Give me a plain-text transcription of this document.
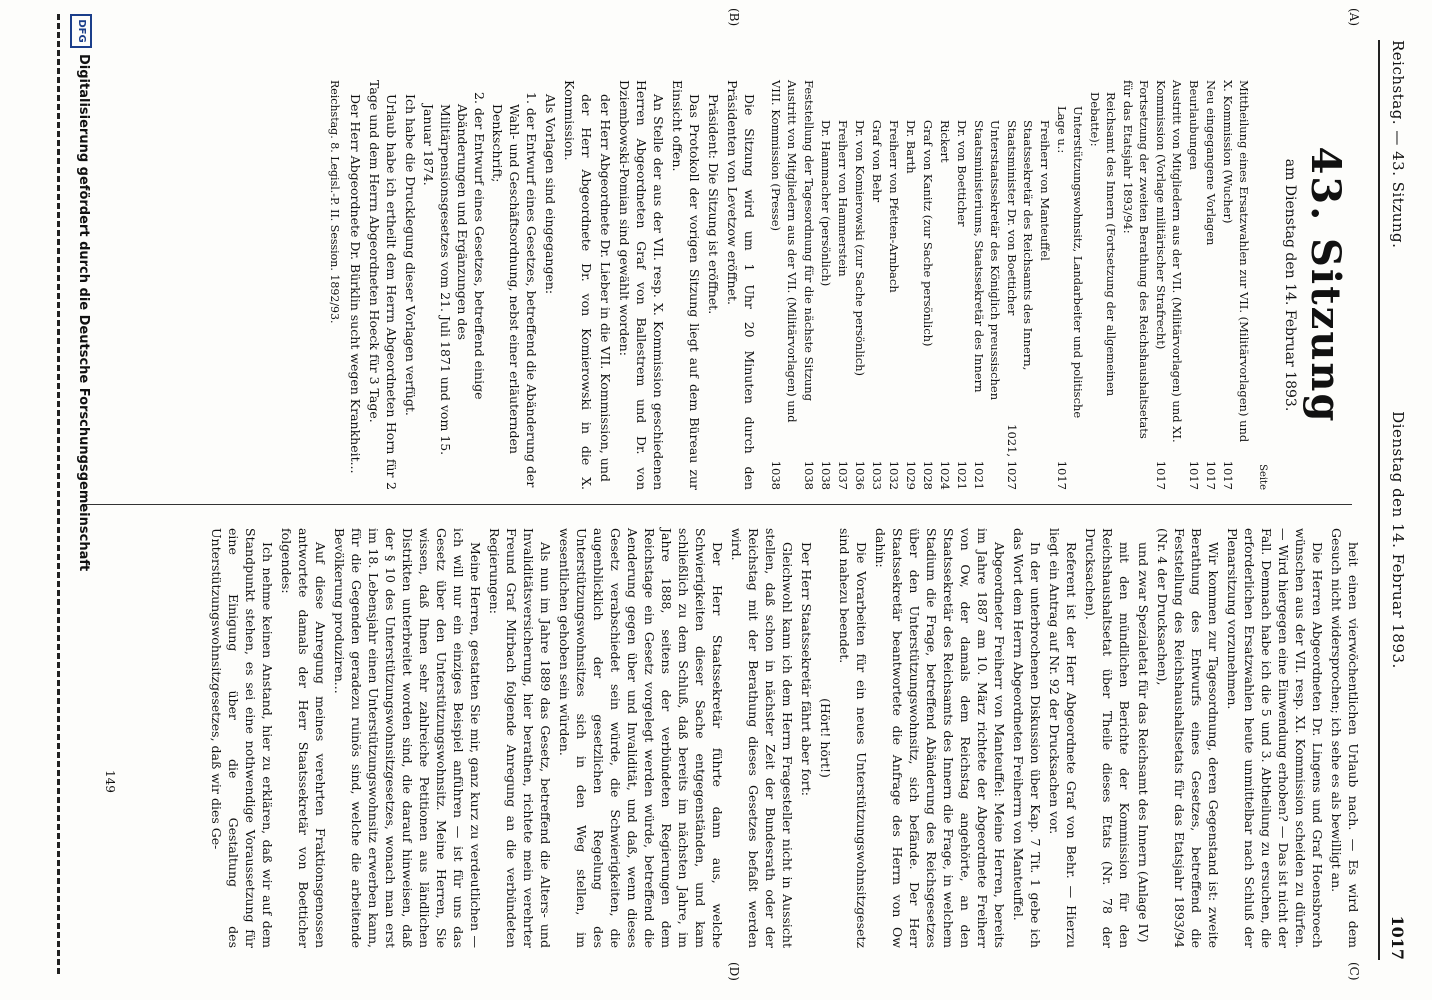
Reichstag. — 43. Sitzung.
Dienstag den 14. Februar 1893.
1017
(A)
(B)
(C)
(D)
43. Sitzung
am Dienstag den 14. Februar 1893.
Seite
Mittheilung eines Ersatzwahlen zur VII. (Militärvorlagen) und X. Kommission (Wucher)
1017
Neu eingegangene Vorlagen
1017
Beurlaubungen
1017
Austritt von Mitgliedern aus der VII. (Militärvorlagen) und XI. Kommission (Vorlage militärischer Strafrecht)
1017
Fortsetzung der zweiten Berathung des Reichshaushaltsetats für das Etatsjahr 1893/94:
Reichsamt des Innern (Fortsetzung der allgemeinen Debatte):
Unterstützungswohnsitz, Landarbeiter und politische Lage u.:
1017
Freiherr von Manteuffel
Staatssekretär des Reichsamts des Innern, Staatsminister Dr. von Boetticher
1021, 1027
Unterstaatssekretär des Königlich preussischen Staatsministeriums, Staatssekretär des Innern
1021
Dr. von Boetticher
1021
Rickert
1024
Graf von Kanitz (zur Sache persönlich)
1028
Dr. Barth
1029
Freiherr von Pfetten-Arnbach
1032
Graf von Behr
1033
Dr. von Komierowski (zur Sache persönlich)
1036
Freiherr von Hammerstein
1037
Dr. Hammacher (persönlich)
1038
Feststellung der Tagesordnung für die nächste Sitzung
1038
Austritt von Mitgliedern aus der VII. (Militärvorlagen) und VIII. Kommission (Presse)
1038

Die Sitzung wird um 1 Uhr 20 Minuten durch den Präsidenten von Levetzow eröffnet.

Präsident: Die Sitzung ist eröffnet.

Das Protokoll der vorigen Sitzung liegt auf dem Büreau zur Einsicht offen.

An Stelle der aus der VII. resp. X. Kommission geschiedenen Herren Abgeordneten Graf von Ballestrem und Dr. von Dziembowski-Pomian sind gewählt worden:

der Herr Abgeordnete Dr. Lieber in die VII. Kommission, und

der Herr Abgeordnete Dr. von Komierowski in die X. Kommission.

Als Vorlagen sind eingegangen:

1. der Entwurf eines Gesetzes, betreffend die Abänderung der Wahl- und Geschäftsordnung, nebst einer erläuternden Denkschrift;

2. der Entwurf eines Gesetzes, betreffend einige Abänderungen und Ergänzungen des Militärpensionsgesetzes vom 21. Juli 1871 und vom 15. Januar 1874.

Ich habe die Drucklegung dieser Vorlagen verfügt.

Urlaub habe ich ertheilt dem Herrn Abgeordneten Horn für 2 Tage und dem Herrn Abgeordneten Hoeck für 3 Tage.

Der Herr Abgeordnete Dr. Bürklin sucht wegen Krankheit...

Reichstag. 8. Legisl.-P. II. Session. 1892/93.

heit einen vierwöchentlichen Urlaub nach. — Es wird dem Gesuch nicht widersprochen; ich sehe es als bewilligt an.

Die Herren Abgeordneten Dr. Lingens und Graf Hoensbroech wünschen aus der VII. resp. XI. Kommission scheiden zu dürfen. — Wird hiergegen eine Einwendung erhoben? — Das ist nicht der Fall. Demnach habe ich die 5 und 3. Abtheilung zu ersuchen, die erforderlichen Ersatzwahlen heute unmittelbar nach Schluß der Plenarsitzung vorzunehmen.

Wir kommen zur Tagesordnung, deren Gegenstand ist: zweite Berathung des Entwurfs eines Gesetzes, betreffend die Feststellung des Reichshaushaltsetats für das Etatsjahr 1893/94 (Nr. 4 der Drucksachen),

und zwar Spezialetat für das Reichsamt des Innern (Anlage IV)

mit den mündlichen Berichte der Kommission für den Reichshaushaltsetat über Theile dieses Etats (Nr. 78 der Drucksachen).

Referent ist der Herr Abgeordnete Graf von Behr. — Hierzu liegt ein Antrag auf Nr. 92 der Drucksachen vor.

In der unterbrochenen Diskussion über Kap. 7 Tit. 1 gebe ich das Wort dem Herrn Abgeordneten Freiherrn von Manteuffel.

Abgeordneter Freiherr von Manteuffel: Meine Herren, bereits im Jahre 1887 am 10. März richtete der Abgeordnete Freiherr von Ow, der damals dem Reichstag angehörte, an den Staatssekretär des Reichsamts des Innern die Frage, in welchem Stadium die Frage, betreffend Abänderung des Reichsgesetzes über den Unterstützungswohnsitz, sich befände. Der Herr Staatssekretär beantwortete die Anfrage des Herrn von Ow dahin:

Die Vorarbeiten für ein neues Unterstützungswohnsitzgesetz sind nahezu beendet.

(Hört! hört!)

Der Herr Staatssekretär fährt aber fort:

Gleichwohl kann ich dem Herrn Fragesteller nicht in Aussicht stellen, daß schon in nächster Zeit der Bundesrath oder der Reichstag mit der Berathung dieses Gesetzes befaßt werden wird.

Der Herr Staatssekretär führte dann aus, welche Schwierigkeiten dieser Sache entgegenständen, und kam schließlich zu dem Schluß, daß bereits im nächsten Jahre, im Jahre 1888, seitens der verbündeten Regierungen dem Reichstage ein Gesetz vorgelegt werden würde, betreffend die Aenderung gegen über und Invalidität, und daß, wenn dieses Gesetz verabschiedet sein würde, die Schwierigkeiten, die augenblicklich der gesetzlichen Regelung des Unterstützungswohnsitzes sich in den Weg stellen, im wesentlichen gehoben sein würden.

Als nun im Jahre 1889 das Gesetz, betreffend die Alters- und Invaliditätsversicherung, hier berathen, richtete mein verehrter Freund Graf Mirbach folgende Anregung an die verbündeten Regierungen:

Meine Herren, gestatten Sie mir, ganz kurz zu verdeutlichen — ich will nur ein einziges Beispiel anführen — ist für uns das Gesetz über den Unterstützungswohnsitz. Meine Herren, Sie wissen, daß Ihnen sehr zahlreiche Petitionen aus ländlichen Distrikten unterbreitet worden sind, die darauf hinweisen, daß der § 10 des Unterstützungswohnsitzgesetzes, wonach man erst im 18. Lebensjahr einen Unterstützungswohnsitz erwerben kann, für die Gegenden geradezu ruinös sind, welche die arbeitende Bevölkerung produziren...

Auf diese Anregung meines verehrten Fraktionsgenossen antwortete damals der Herr Staatssekretär von Boetticher folgendes:

Ich nehme keinen Anstand, hier zu erklären, daß wir auf dem Standpunkt stehen, es sei eine nothwendige Voraussetzung für eine Einigung über die Gestaltung des Unterstützungswohnsitzgesetzes, daß wir dies Ge-

149
DFG
Digitalisierung gefördert durch die Deutsche Forschungsgemeinschaft
